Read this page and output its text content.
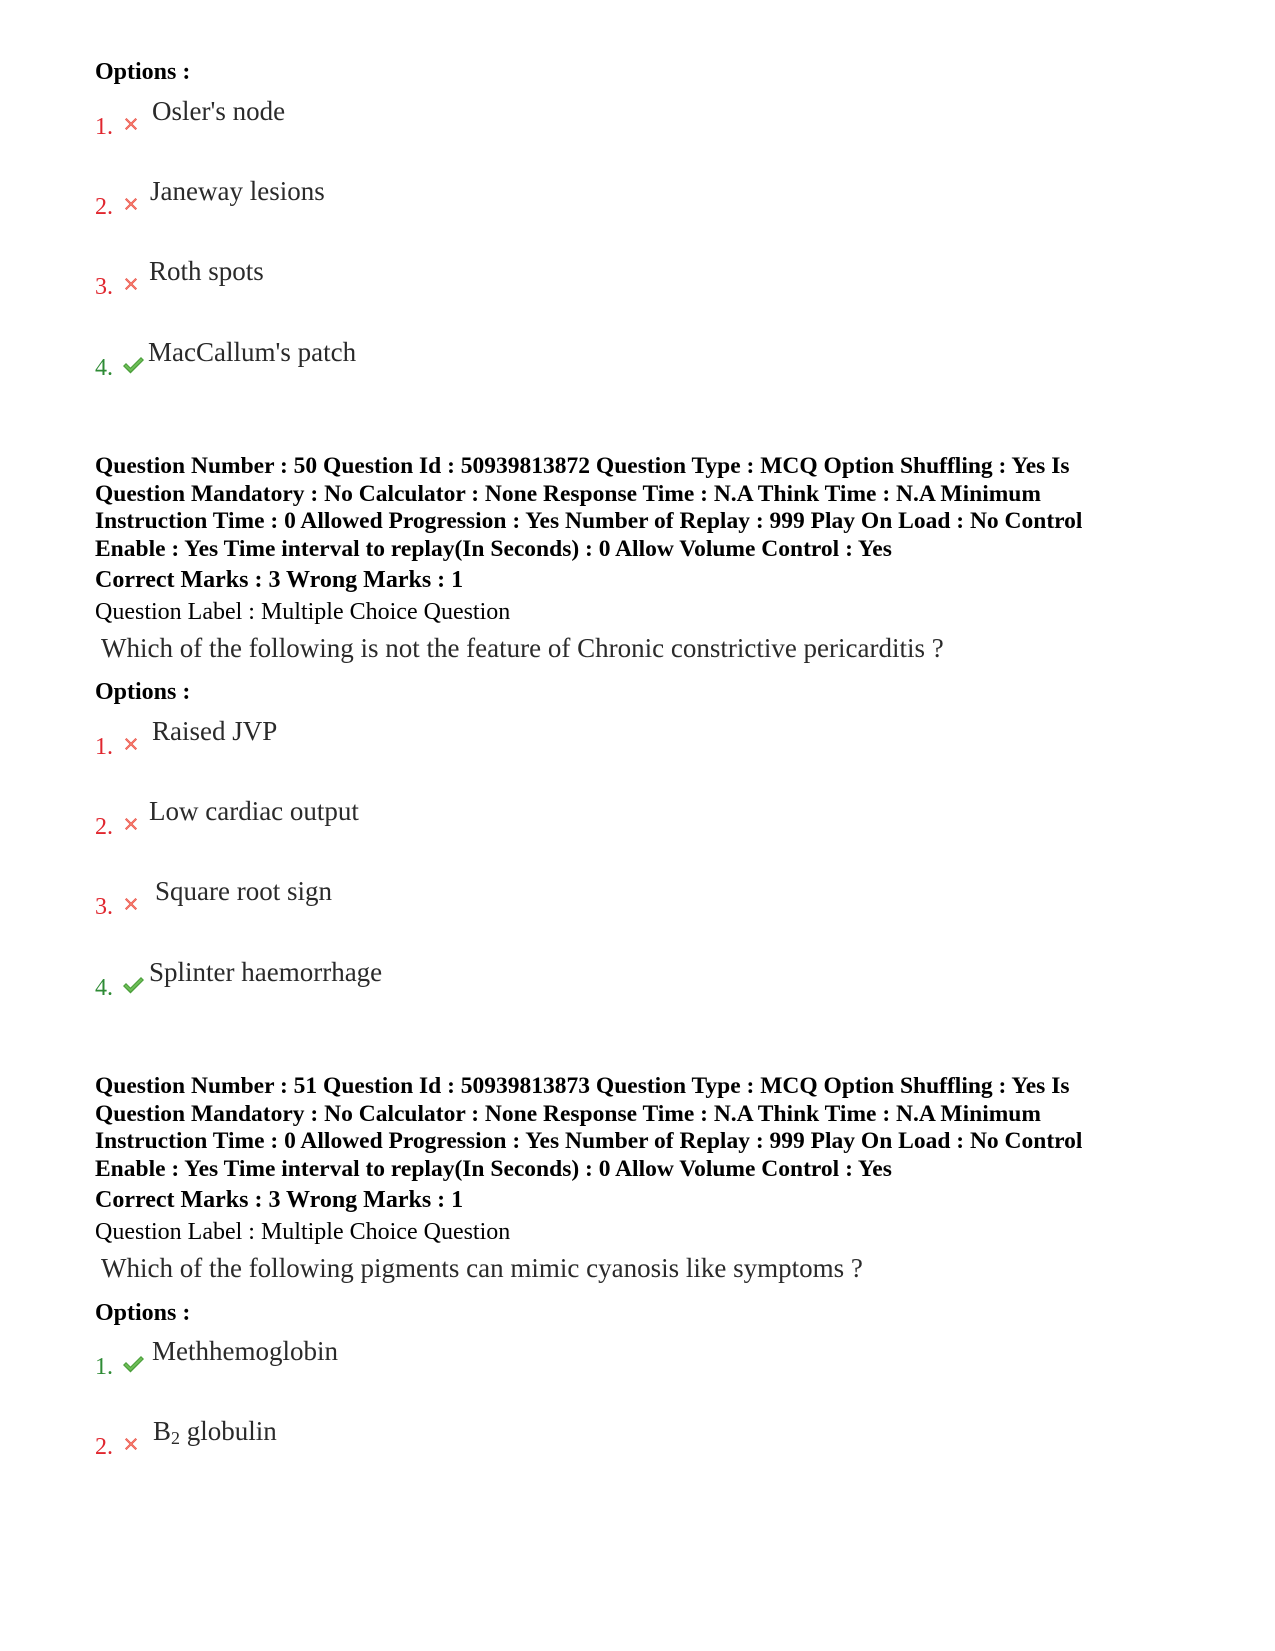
Options :
1.
Osler's node
2.
Janeway lesions
3.
Roth spots
4.
MacCallum's patch
Question Number : 50 Question Id : 50939813872 Question Type : MCQ Option Shuffling : Yes Is
Question Mandatory : No Calculator : None Response Time : N.A Think Time : N.A Minimum
Instruction Time : 0 Allowed Progression : Yes Number of Replay : 999 Play On Load : No Control
Enable : Yes Time interval to replay(In Seconds) : 0 Allow Volume Control : Yes
Correct Marks : 3 Wrong Marks : 1
Question Label : Multiple Choice Question
Which of the following is not the feature of Chronic constrictive pericarditis ?
Options :
1.
Raised JVP
2.
Low cardiac output
3.
Square root sign
4.
Splinter haemorrhage
Question Number : 51 Question Id : 50939813873 Question Type : MCQ Option Shuffling : Yes Is
Question Mandatory : No Calculator : None Response Time : N.A Think Time : N.A Minimum
Instruction Time : 0 Allowed Progression : Yes Number of Replay : 999 Play On Load : No Control
Enable : Yes Time interval to replay(In Seconds) : 0 Allow Volume Control : Yes
Correct Marks : 3 Wrong Marks : 1
Question Label : Multiple Choice Question
Which of the following pigments can mimic cyanosis like symptoms ?
Options :
1.
Methhemoglobin
2.
$B_2$ globulin
